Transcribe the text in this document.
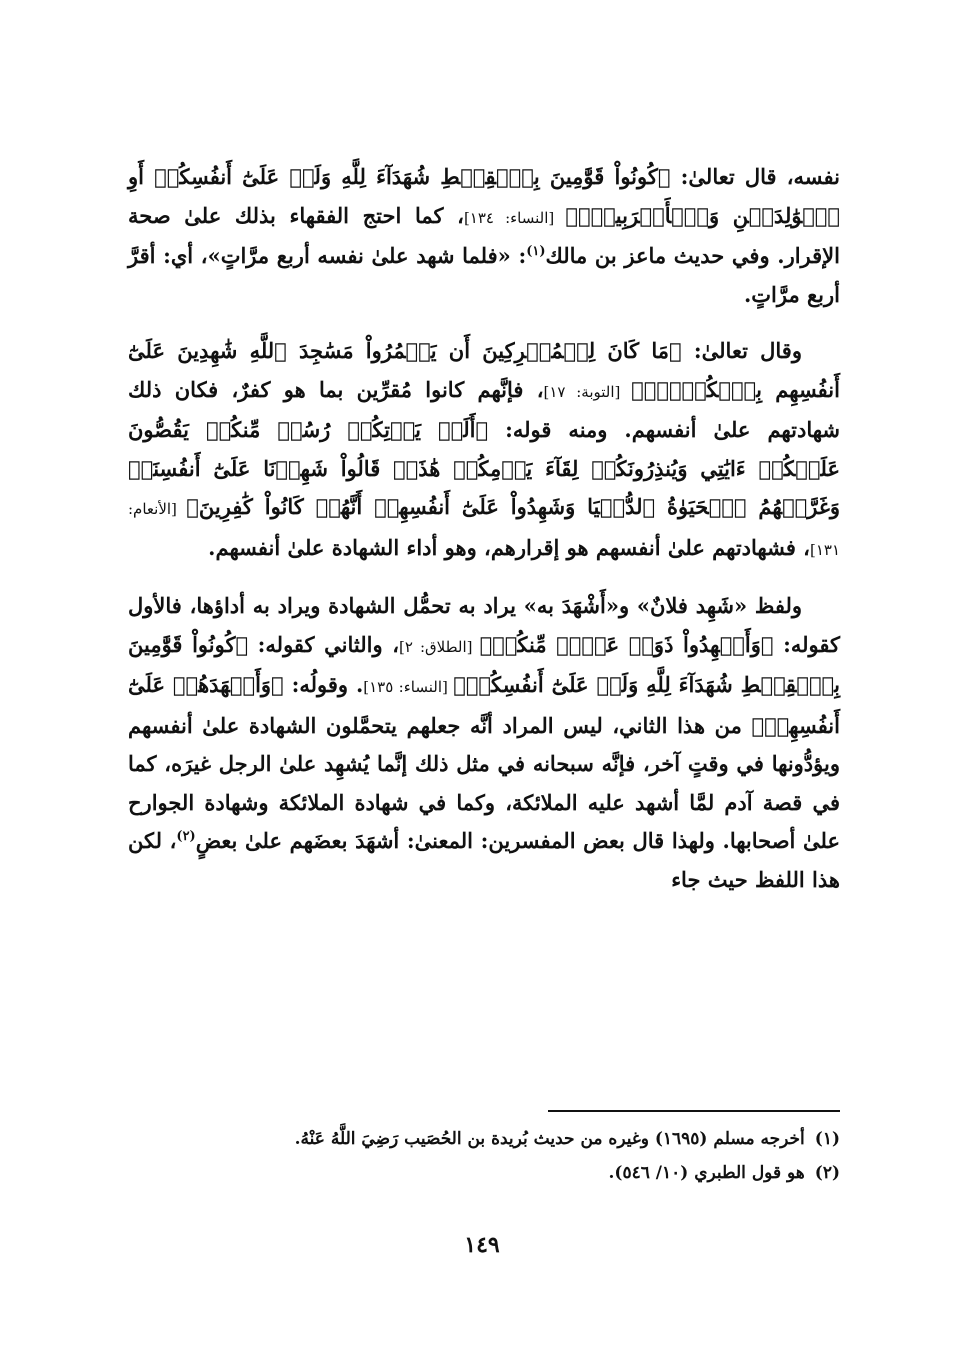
نفسه، قال تعالىٰ: ﴿كُونُواْ قَوَّٰمِينَ بِٱلۡقِسۡطِ شُهَدَآءَ لِلَّهِ وَلَوۡ عَلَىٰٓ أَنفُسِكُمۡ أَوِ ٱلۡوَٰلِدَيۡنِ وَٱلۡأَقۡرَبِينَۚ﴾ [النساء: ١٣٤]، كما احتج الفقهاء بذلك علىٰ صحة الإقرار. وفي حديث ماعز بن مالك$^{(١)}$: «فلما شهد علىٰ نفسه أربع مرَّاتٍ»، أي: أقرَّ أربع مرَّاتٍ.

وقال تعالىٰ: ﴿مَا كَانَ لِلۡمُشۡرِكِينَ أَن يَعۡمُرُواْ مَسَٰجِدَ ٱللَّهِ شَٰهِدِينَ عَلَىٰٓ أَنفُسِهِم بِٱلۡكُفۡرِۚ﴾ [التوبة: ١٧]، فإنَّهم كانوا مُقرِّين بما هو كفرٌ، فكان ذلك شهادتهم علىٰ أنفسهم. ومنه قوله: ﴿أَلَمۡ يَأۡتِكُمۡ رُسُلٞ مِّنكُمۡ يَقُصُّونَ عَلَيۡكُمۡ ءَايَٰتِي وَيُنذِرُونَكُمۡ لِقَآءَ يَوۡمِكُمۡ هَٰذَاۚ قَالُواْ شَهِدۡنَا عَلَىٰٓ أَنفُسِنَاۖ وَغَرَّتۡهُمُ ٱلۡحَيَوٰةُ ٱلدُّنۡيَا وَشَهِدُواْ عَلَىٰٓ أَنفُسِهِمۡ أَنَّهُمۡ كَانُواْ كَٰفِرِينَ﴾ [الأنعام: ١٣١]، فشهادتهم علىٰ أنفسهم هو إقرارهم، وهو أداء الشهادة علىٰ أنفسهم.

ولفظ «شَهِد فلانٌ» و«أَشْهَدَ به» يراد به تحمُّل الشهادة ويراد به أداؤها، فالأول كقوله: ﴿وَأَشۡهِدُواْ ذَوَيۡ عَدۡلٖ مِّنكُمۡ﴾ [الطلاق: ٢]، والثاني كقوله: ﴿كُونُواْ قَوَّٰمِينَ بِٱلۡقِسۡطِ شُهَدَآءَ لِلَّهِ وَلَوۡ عَلَىٰٓ أَنفُسِكُمۡ﴾ [النساء: ١٣٥]. وقولُه: ﴿وَأَشۡهَدَهُمۡ عَلَىٰٓ أَنفُسِهِمۡ﴾ من هذا الثاني، ليس المراد أنَّه جعلهم يتحمَّلون الشهادة علىٰ أنفسهم ويؤدُّونها في وقتٍ آخر، فإنَّه سبحانه في مثل ذلك إنَّما يُشهِد علىٰ الرجل غيرَه، كما في قصة آدم لمَّا أشهد عليه الملائكة، وكما في شهادة الملائكة وشهادة الجوارح علىٰ أصحابها. ولهذا قال بعض المفسرين: المعنىٰ: أشهَدَ بعضَهم علىٰ بعضٍ$^{(٢)}$، لكن هذا اللفظ حيث جاء

(١)أخرجه مسلم (١٦٩٥) وغيره من حديث بُريدة بن الحُصَيب رَضِيَ اللَّهُ عَنْهُ.
(٢)هو قول الطبري (١٠/ ٥٤٦).
١٤٩
